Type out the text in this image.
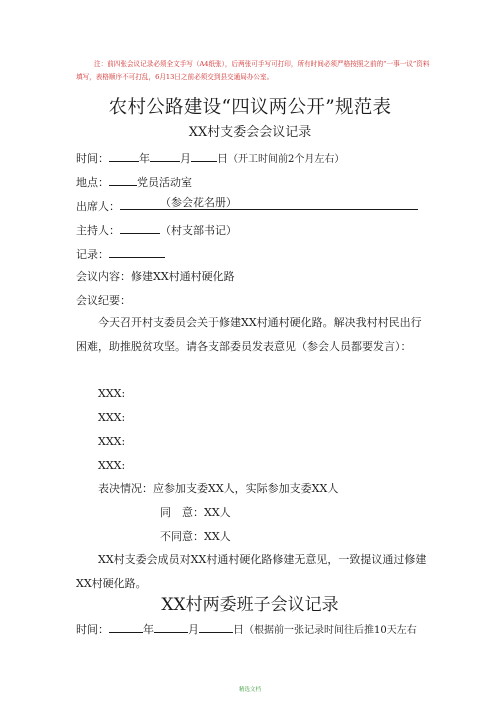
注：前四张会议记录必须全文手写（A4纸张），后两张可手写可打印，所有时间必须严格按照之前的“一事一议”资料填写，表格顺序不可打乱，6月13日之前必须交到县交通局办公室。
农村公路建设“四议两公开”规范表
XX村支委会会议记录
时间：	年	月 日（开工时间前2个月左右）
地点：	党员活动室
出席人：	（参会花名册）
主持人：	（村支部书记）
记录：
会议内容：修建XX村通村硬化路
会议纪要：
今天召开村支委员会关于修建XX村通村硬化路。解决我村村民出行困难，助推脱贫攻坚。请各支部委员发表意见（参会人员都要发言）：
XXX:
XXX:
XXX:
XXX:
表决情况：应参加支委XX人，实际参加支委XX人
同　意：XX人
不同意：XX人
XX村支委会成员对XX村通村硬化路修建无意见，一致提议通过修建XX村硬化路。
XX村两委班子会议记录
时间：	年	月	日（根据前一张记录时间往后推10天左右
精选文档
